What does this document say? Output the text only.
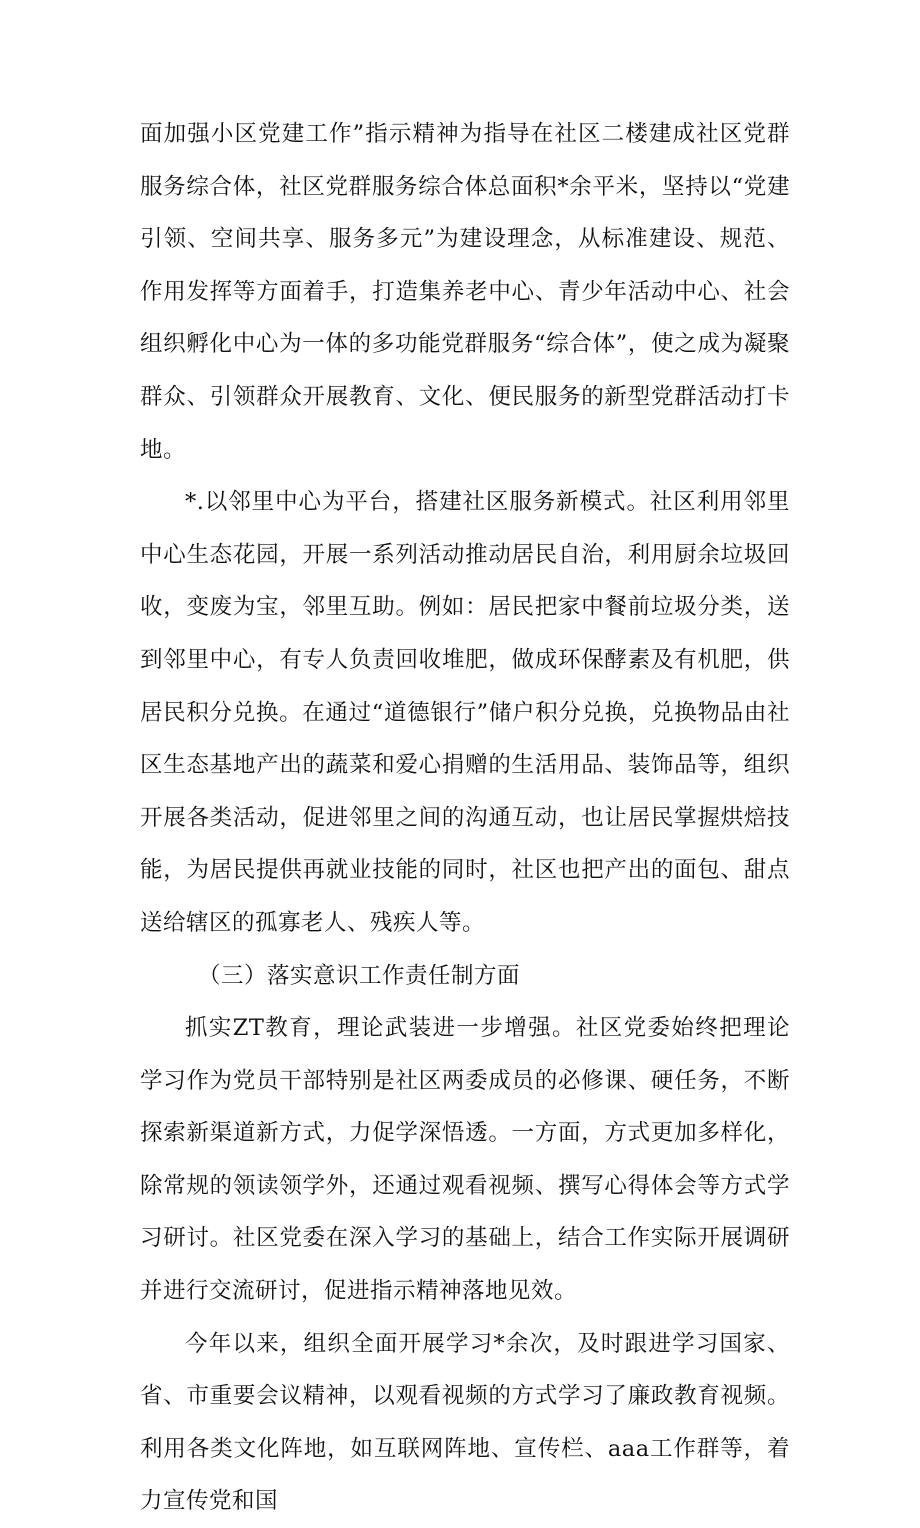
面加强小区党建工作”指示精神为指导在社区二楼建成社区党群服务综合体，社区党群服务综合体总面积*余平米，坚持以“党建引领、空间共享、服务多元”为建设理念，从标准建设、规范、作用发挥等方面着手，打造集养老中心、青少年活动中心、社会组织孵化中心为一体的多功能党群服务“综合体”，使之成为凝聚群众、引领群众开展教育、文化、便民服务的新型党群活动打卡地。

*.以邻里中心为平台，搭建社区服务新模式。社区利用邻里中心生态花园，开展一系列活动推动居民自治，利用厨余垃圾回收，变废为宝，邻里互助。例如：居民把家中餐前垃圾分类，送到邻里中心，有专人负责回收堆肥，做成环保酵素及有机肥，供居民积分兑换。在通过“道德银行”储户积分兑换，兑换物品由社区生态基地产出的蔬菜和爱心捐赠的生活用品、装饰品等，组织开展各类活动，促进邻里之间的沟通互动，也让居民掌握烘焙技能，为居民提供再就业技能的同时，社区也把产出的面包、甜点送给辖区的孤寡老人、残疾人等。

（三）落实意识工作责任制方面

抓实ZT教育，理论武装进一步增强。社区党委始终把理论学习作为党员干部特别是社区两委成员的必修课、硬任务，不断探索新渠道新方式，力促学深悟透。一方面，方式更加多样化，除常规的领读领学外，还通过观看视频、撰写心得体会等方式学习研讨。社区党委在深入学习的基础上，结合工作实际开展调研并进行交流研讨，促进指示精神落地见效。

今年以来，组织全面开展学习*余次，及时跟进学习国家、省、市重要会议精神，以观看视频的方式学习了廉政教育视频。利用各类文化阵地，如互联网阵地、宣传栏、aaa工作群等，着力宣传党和国
